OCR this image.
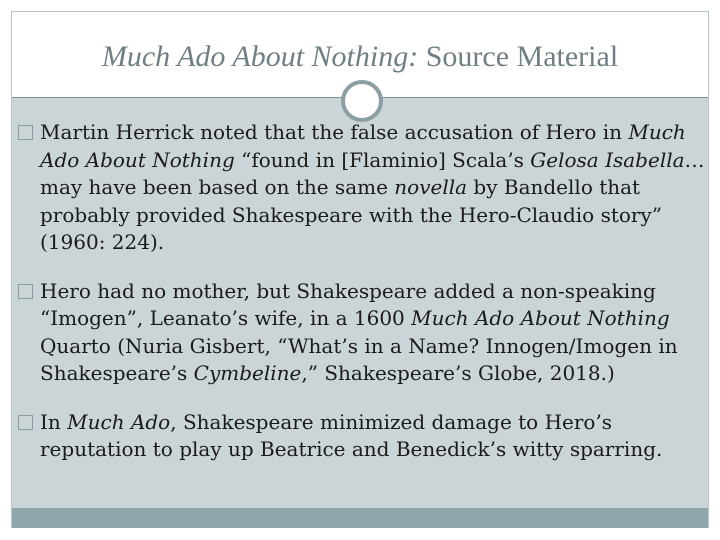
Much Ado About Nothing: Source Material
Martin Herrick noted that the false accusation of Hero in Much Ado About Nothing “found in [Flaminio] Scala’s Gelosa Isabella…may have been based on the same novella by Bandello that probably provided Shakespeare with the Hero-Claudio story” (1960: 224).
Hero had no mother, but Shakespeare added a non-speaking “Imogen”, Leanato’s wife, in a 1600 Much Ado About Nothing Quarto (Nuria Gisbert, “What’s in a Name? Innogen/Imogen in Shakespeare’s Cymbeline,” Shakespeare’s Globe, 2018.)
In Much Ado, Shakespeare minimized damage to Hero’s reputation to play up Beatrice and Benedick’s witty sparring.
